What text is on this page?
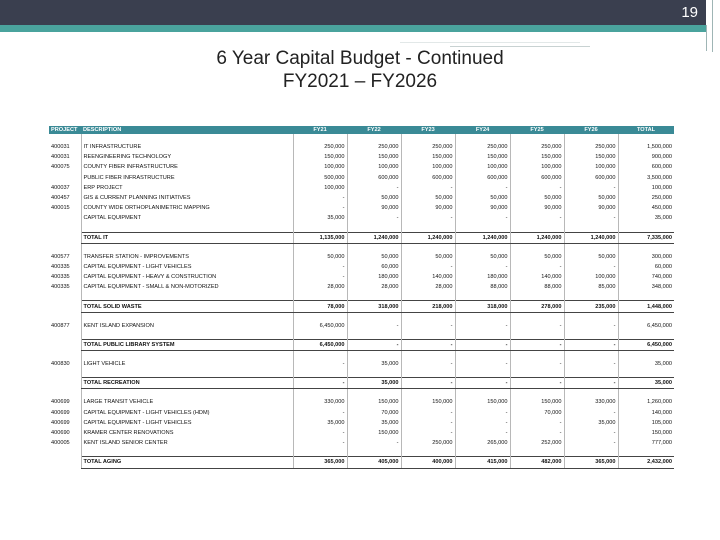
19
6 Year Capital Budget - Continued
FY2021 – FY2026
PROJECT	DESCRIPTION	FY21	FY22	FY23	FY24	FY25	FY26	TOTAL

400031	IT INFRASTRUCTURE	250,000	250,000	250,000	250,000	250,000	250,000	1,500,000
400031	REENGINEERING TECHNOLOGY	150,000	150,000	150,000	150,000	150,000	150,000	900,000
400075	COUNTY FIBER INFRASTRUCTURE	100,000	100,000	100,000	100,000	100,000	100,000	600,000
	PUBLIC FIBER INFRASTRUCTURE	500,000	600,000	600,000	600,000	600,000	600,000	3,500,000
400037	ERP PROJECT	100,000	-	-	-	-	-	100,000
400457	GIS & CURRENT PLANNING INITIATIVES	-	50,000	50,000	50,000	50,000	50,000	250,000
400015	COUNTY WIDE ORTHOPLANIMETRIC MAPPING	-	90,000	90,000	90,000	90,000	90,000	450,000
	CAPITAL EQUIPMENT	35,000	-	-	-	-	-	35,000

	TOTAL IT	1,135,000	1,240,000	1,240,000	1,240,000	1,240,000	1,240,000	7,335,000

400577	TRANSFER STATION - IMPROVEMENTS	50,000	50,000	50,000	50,000	50,000	50,000	300,000
400335	CAPITAL EQUIPMENT - LIGHT VEHICLES	-	60,000	-	-	-	-	60,000
400335	CAPITAL EQUIPMENT - HEAVY & CONSTRUCTION	-	180,000	140,000	180,000	140,000	100,000	740,000
400335	CAPITAL EQUIPMENT - SMALL & NON-MOTORIZED	28,000	28,000	28,000	88,000	88,000	85,000	348,000

	TOTAL SOLID WASTE	78,000	318,000	218,000	318,000	278,000	235,000	1,448,000

400877	KENT ISLAND EXPANSION	6,450,000	-	-	-	-	-	6,450,000

	TOTAL PUBLIC LIBRARY SYSTEM	6,450,000	-	-	-	-	-	6,450,000

400830	LIGHT VEHICLE	-	35,000	-	-	-	-	35,000

	TOTAL RECREATION	-	35,000	-	-	-	-	35,000

400699	LARGE TRANSIT VEHICLE	330,000	150,000	150,000	150,000	150,000	330,000	1,260,000
400699	CAPITAL EQUIPMENT - LIGHT VEHICLES (HDM)	-	70,000	-	-	70,000	-	140,000
400699	CAPITAL EQUIPMENT - LIGHT VEHICLES	35,000	35,000	-	-	-	35,000	105,000
400690	KRAMER CENTER RENOVATIONS	-	150,000	-	-	-	-	150,000
400005	KENT ISLAND SENIOR CENTER	-	-	250,000	265,000	252,000	-	777,000

	TOTAL AGING	365,000	405,000	400,000	415,000	482,000	365,000	2,432,000
